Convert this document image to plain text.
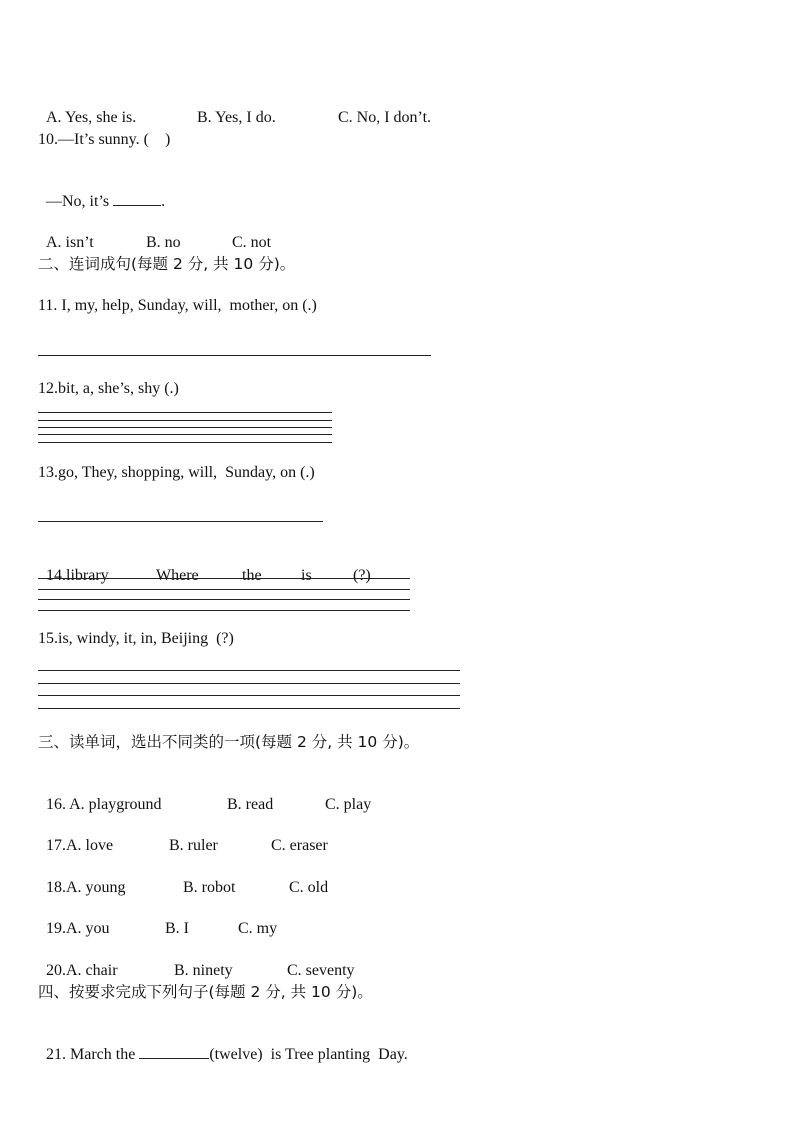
A. Yes, she is.	B. Yes, I do.	C. No, I don’t.

10.—It’s sunny. (    )

—No, it’s	.

A. isn’t	B. no	C. not

二、连词成句(每题 2 分, 共 10 分)。
11. I, my, help, Sunday, will,  mother, on (.)
12.bit, a, she’s, shy (.)
13.go, They, shopping, will,  Sunday, on (.)

14.library	Where	the is	(?)

15.is, windy, it, in, Beijing  (?)
三、读单词，选出不同类的一项(每题 2 分, 共 10 分)。

16. A. playground	B. read	C. play

17.A. love	B. ruler	C. eraser

18.A. young	B. robot	C. old

19.A. you	B. I	C. my

20.A. chair	B. ninety	C. seventy

四、按要求完成下列句子(每题 2 分, 共 10 分)。

21. March the	(twelve)  is Tree planting  Day.
